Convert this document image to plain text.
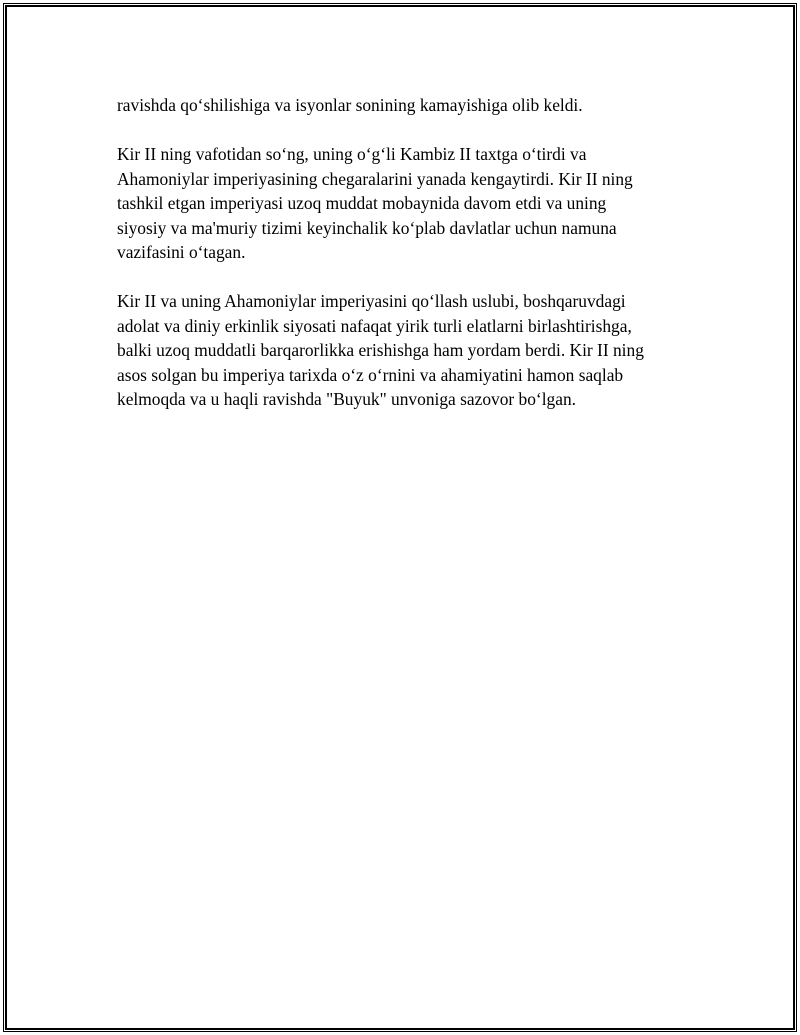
ravishda qo‘shilishiga va isyonlar sonining kamayishiga olib keldi.

Kir II ning vafotidan so‘ng, uning o‘g‘li Kambiz II taxtga o‘tirdi va
Ahamoniylar imperiyasining chegaralarini yanada kengaytirdi. Kir II ning
tashkil etgan imperiyasi uzoq muddat mobaynida davom etdi va uning
siyosiy va ma'muriy tizimi keyinchalik ko‘plab davlatlar uchun namuna
vazifasini o‘tagan.

Kir II va uning Ahamoniylar imperiyasini qo‘llash uslubi, boshqaruvdagi
adolat va diniy erkinlik siyosati nafaqat yirik turli elatlarni birlashtirishga,
balki uzoq muddatli barqarorlikka erishishga ham yordam berdi. Kir II ning
asos solgan bu imperiya tarixda o‘z o‘rnini va ahamiyatini hamon saqlab
kelmoqda va u haqli ravishda "Buyuk" unvoniga sazovor bo‘lgan.
